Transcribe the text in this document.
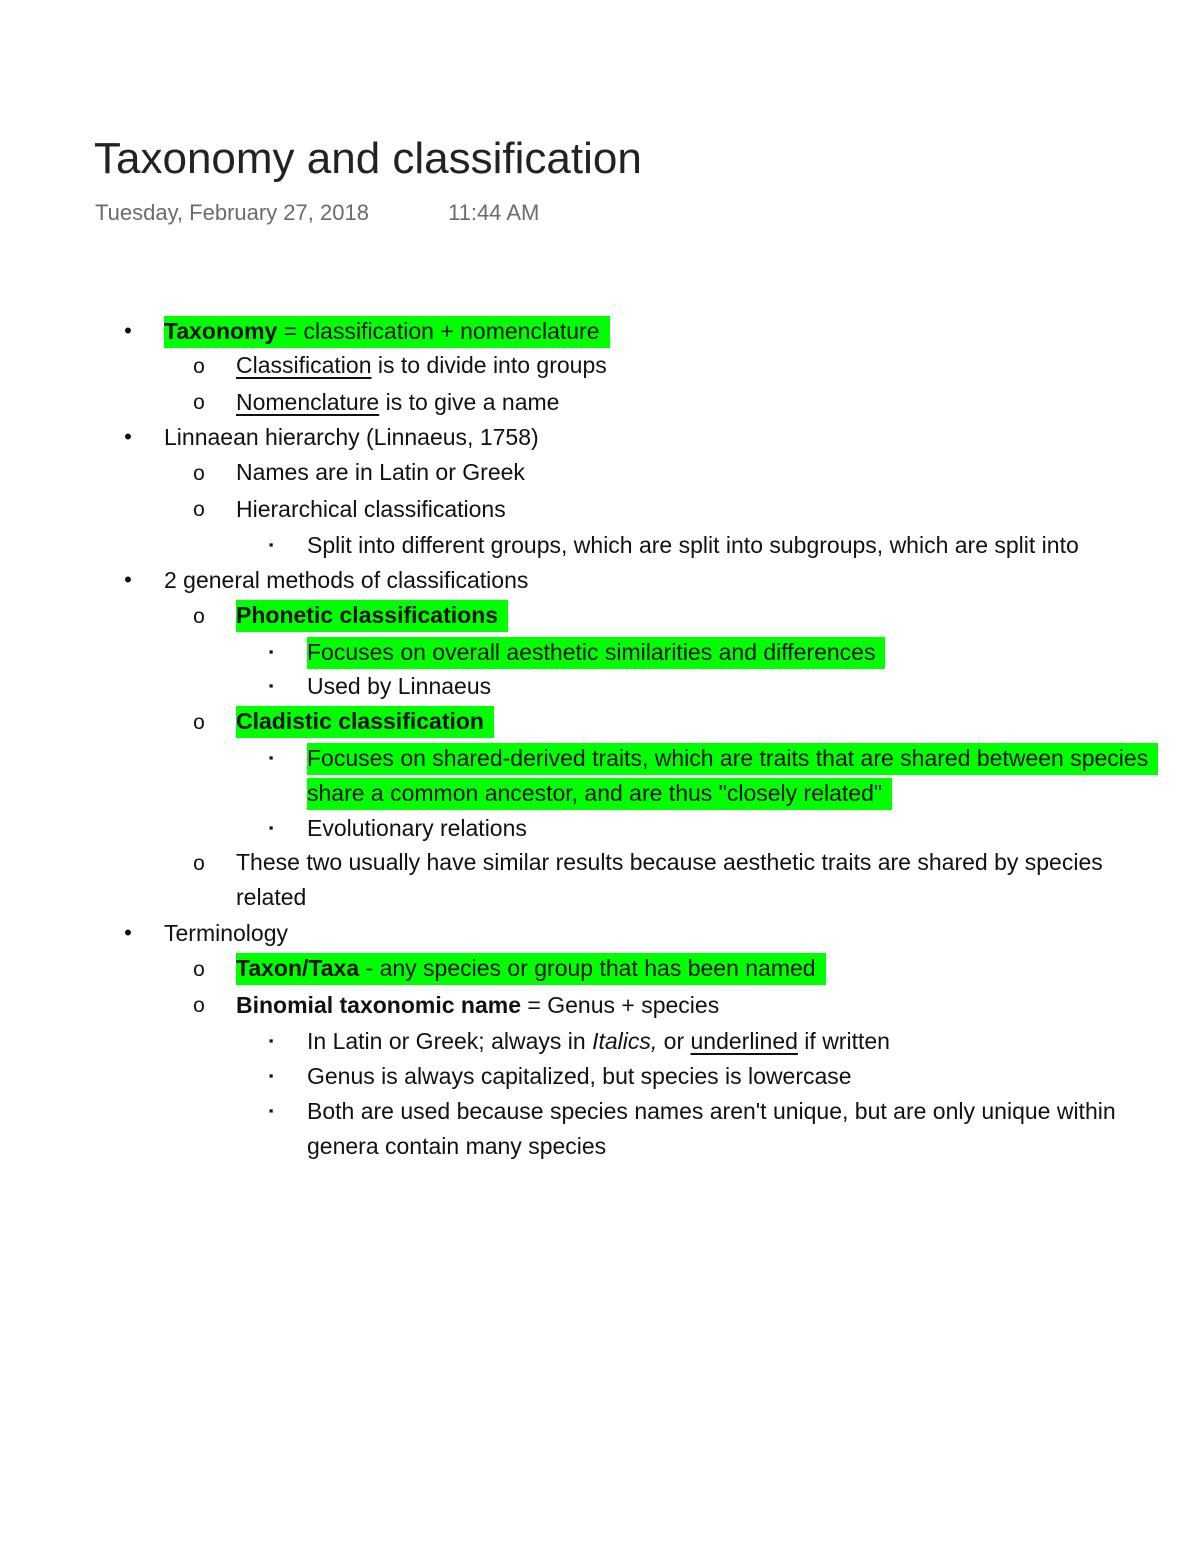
Taxonomy and classification
Tuesday, February 27, 2018	11:44 AM
• Taxonomy = classification + nomenclature
o Classification is to divide into groups
o Nomenclature is to give a name
• Linnaean hierarchy (Linnaeus, 1758)
o Names are in Latin or Greek
o Hierarchical classifications
▪ Split into different groups, which are split into subgroups, which are split into
• 2 general methods of classifications
o Phonetic classifications
▪ Focuses on overall aesthetic similarities and differences
▪ Used by Linnaeus
o Cladistic classification
▪ Focuses on shared-derived traits, which are traits that are shared between species
share a common ancestor, and are thus "closely related"
▪ Evolutionary relations
o These two usually have similar results because aesthetic traits are shared by species
related
• Terminology
o Taxon/Taxa - any species or group that has been named
o Binomial taxonomic name = Genus + species
▪ In Latin or Greek; always in Italics, or underlined if written
▪ Genus is always capitalized, but species is lowercase
▪ Both are used because species names aren't unique, but are only unique within
genera contain many species
